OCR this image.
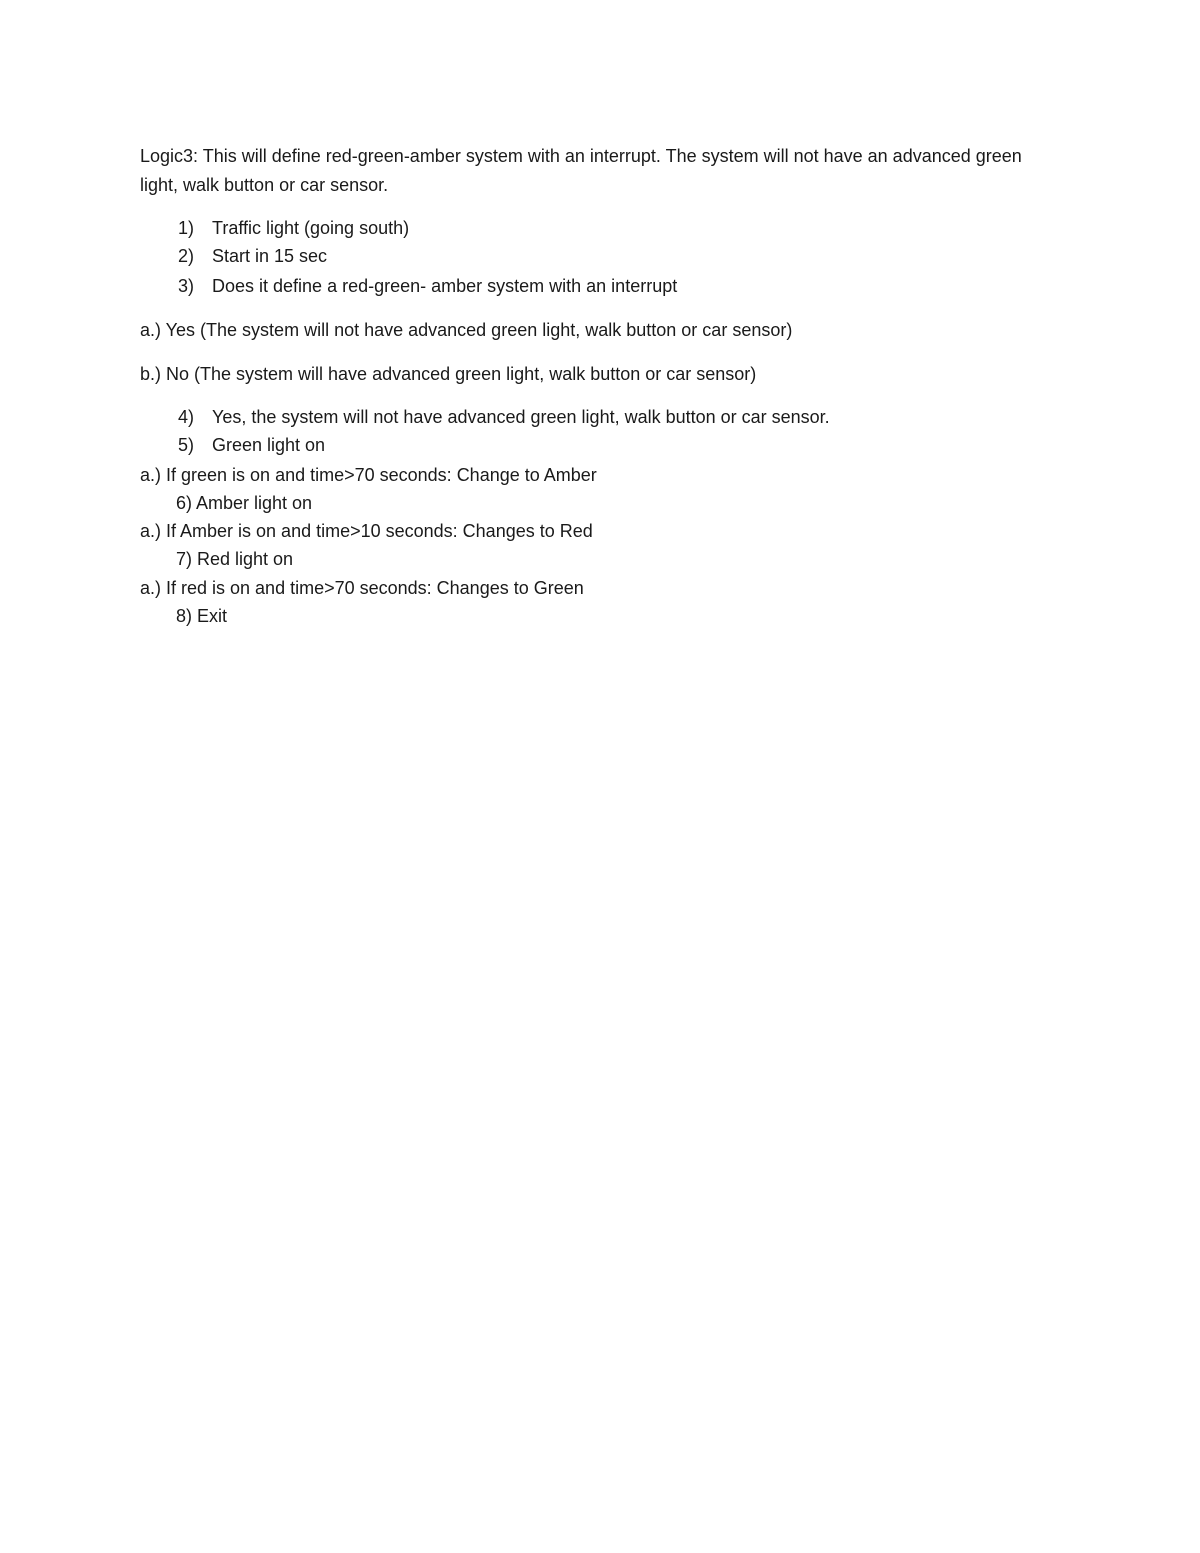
Logic3: This will define red-green-amber system with an interrupt. The system will not have an advanced green light, walk button or car sensor.
1) Traffic light (going south)
2) Start in 15 sec
3) Does it define a red-green- amber system with an interrupt
a.) Yes (The system will not have advanced green light, walk button or car sensor)
b.) No (The system will have advanced green light, walk button or car sensor)
4) Yes, the system will not have advanced green light, walk button or car sensor.
5) Green light on
a.) If green is on and time>70 seconds: Change to Amber
6) Amber light on
a.) If Amber is on and time>10 seconds: Changes to Red
7) Red light on
a.) If red is on and time>70 seconds: Changes to Green
8) Exit
